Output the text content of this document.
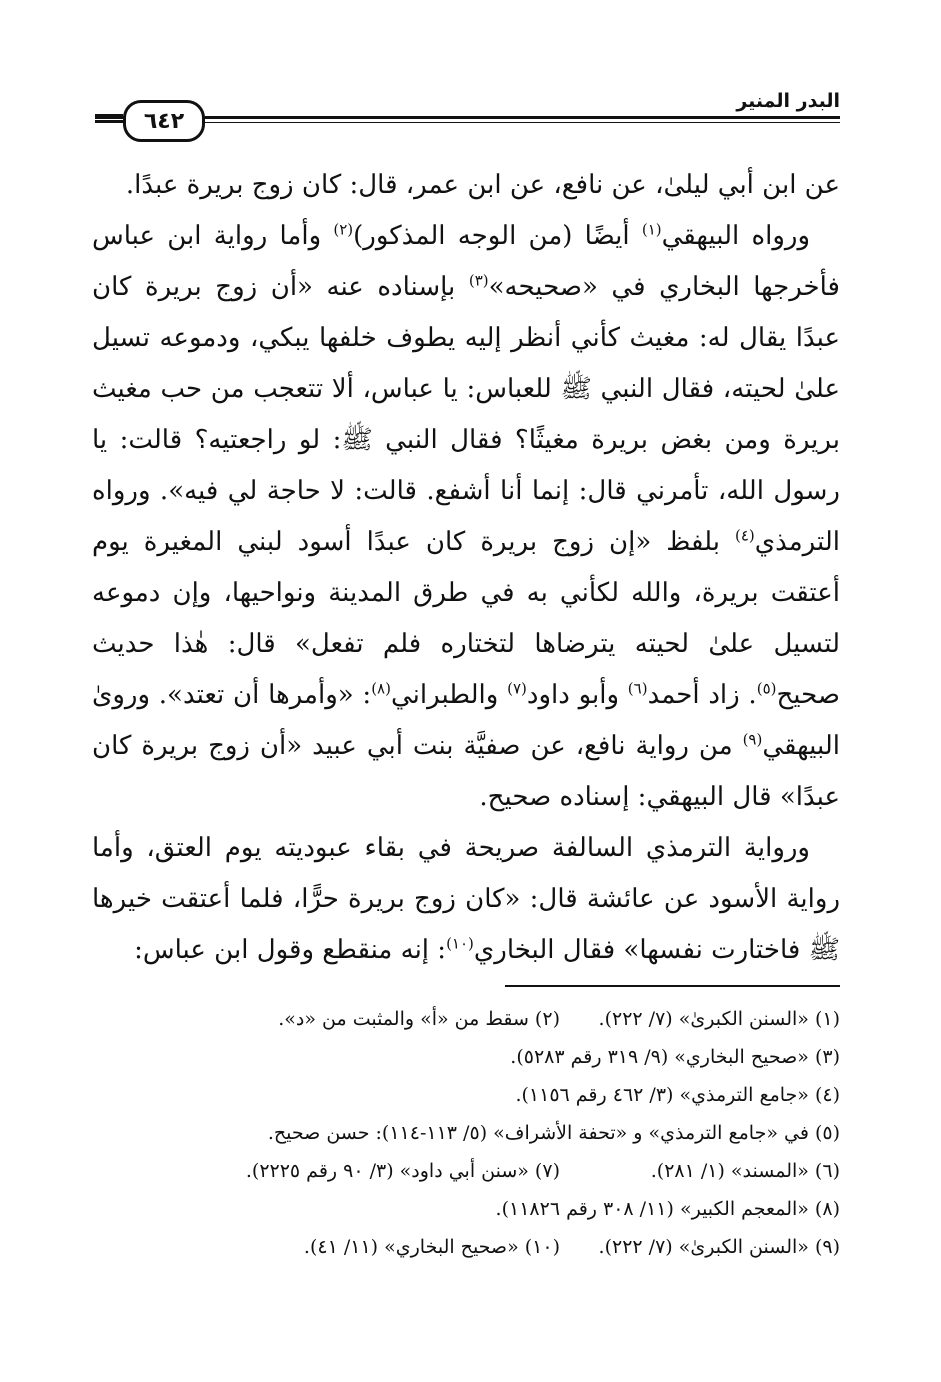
البدر المنير
٦٤٢

عن ابن أبي ليلىٰ، عن نافع، عن ابن عمر، قال: كان زوج بريرة عبدًا.

ورواه البيهقي$^{(١)}$ أيضًا (من الوجه المذكور)$^{(٢)}$ وأما رواية ابن عباس فأخرجها البخاري في «صحيحه»$^{(٣)}$ بإسناده عنه «أن زوج بريرة كان عبدًا يقال له: مغيث كأني أنظر إليه يطوف خلفها يبكي، ودموعه تسيل علىٰ لحيته، فقال النبي ﷺ للعباس: يا عباس، ألا تتعجب من حب مغيث بريرة ومن بغض بريرة مغيثًا؟ فقال النبي ﷺ: لو راجعتيه؟ قالت: يا رسول الله، تأمرني قال: إنما أنا أشفع. قالت: لا حاجة لي فيه». ورواه الترمذي$^{(٤)}$ بلفظ «إن زوج بريرة كان عبدًا أسود لبني المغيرة يوم أعتقت بريرة، والله لكأني به في طرق المدينة ونواحيها، وإن دموعه لتسيل علىٰ لحيته يترضاها لتختاره فلم تفعل» قال: هٰذا حديث صحيح$^{(٥)}$. زاد أحمد$^{(٦)}$ وأبو داود$^{(٧)}$ والطبراني$^{(٨)}$: «وأمرها أن تعتد». وروىٰ البيهقي$^{(٩)}$ من رواية نافع، عن صفيَّة بنت أبي عبيد «أن زوج بريرة كان عبدًا» قال البيهقي: إسناده صحيح.

ورواية الترمذي السالفة صريحة في بقاء عبوديته يوم العتق، وأما رواية الأسود عن عائشة قال: «كان زوج بريرة حرًّا، فلما أعتقت خيرها ﷺ فاختارت نفسها» فقال البخاري$^{(١٠)}$: إنه منقطع وقول ابن عباس:

(١) «السنن الكبرىٰ» (٧/ ٢٢٢).
(٢) سقط من «أ» والمثبت من «د».
(٣) «صحيح البخاري» (٩/ ٣١٩ رقم ٥٢٨٣).
(٤) «جامع الترمذي» (٣/ ٤٦٢ رقم ١١٥٦).
(٥) في «جامع الترمذي» و «تحفة الأشراف» (٥/ ١١٣-١١٤): حسن صحيح.
(٦) «المسند» (١/ ٢٨١).
(٧) «سنن أبي داود» (٣/ ٩٠ رقم ٢٢٢٥).
(٨) «المعجم الكبير» (١١/ ٣٠٨ رقم ١١٨٢٦).
(٩) «السنن الكبرىٰ» (٧/ ٢٢٢).
(١٠) «صحيح البخاري» (١١/ ٤١).
